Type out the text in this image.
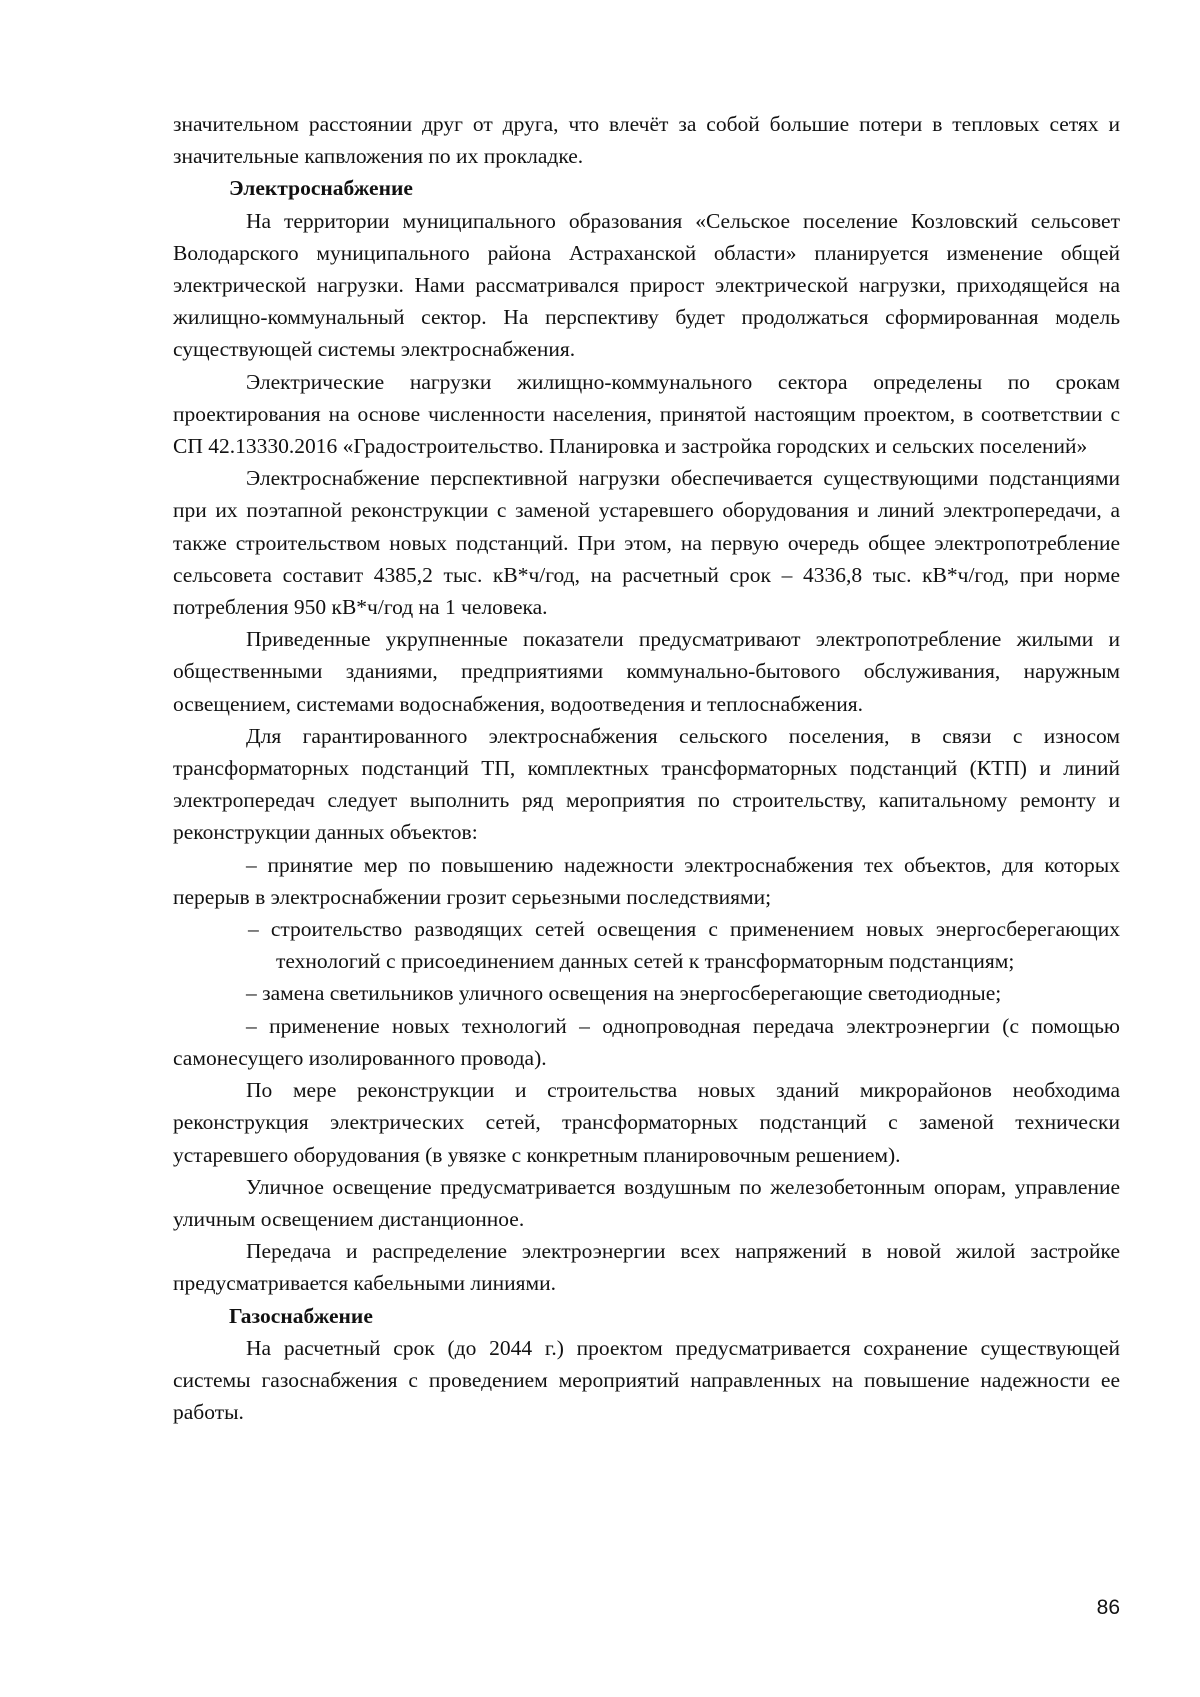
значительном расстоянии друг от друга, что влечёт за собой большие потери в тепловых сетях и значительные капвложения по их прокладке.

Электроснабжение

На территории муниципального образования «Сельское поселение Козловский сельсовет Володарского муниципального района Астраханской области» планируется изменение общей электрической нагрузки. Нами рассматривался прирост электрической нагрузки, приходящейся на жилищно-коммунальный сектор. На перспективу будет продолжаться сформированная модель существующей системы электроснабжения.

Электрические нагрузки жилищно-коммунального сектора определены по срокам проектирования на основе численности населения, принятой настоящим проектом, в соответствии с СП 42.13330.2016 «Градостроительство. Планировка и застройка городских и сельских поселений»

Электроснабжение перспективной нагрузки обеспечивается существующими подстанциями при их поэтапной реконструкции с заменой устаревшего оборудования и линий электропередачи, а также строительством новых подстанций. При этом, на первую очередь общее электропотребление сельсовета составит 4385,2 тыс. кВ*ч/год, на расчетный срок – 4336,8 тыс. кВ*ч/год, при норме потребления 950 кВ*ч/год на 1 человека.

Приведенные укрупненные показатели предусматривают электропотребление жилыми и общественными зданиями, предприятиями коммунально-бытового обслуживания, наружным освещением, системами водоснабжения, водоотведения и теплоснабжения.

Для гарантированного электроснабжения сельского поселения, в связи с износом трансформаторных подстанций ТП, комплектных трансформаторных подстанций (КТП) и линий электропередач следует выполнить ряд мероприятия по строительству, капитальному ремонту и реконструкции данных объектов:

– принятие мер по повышению надежности электроснабжения тех объектов, для которых перерыв в электроснабжении грозит серьезными последствиями;

– строительство разводящих сетей освещения с применением новых энергосберегающих технологий с присоединением данных сетей к трансформаторным подстанциям;

– замена светильников уличного освещения на энергосберегающие светодиодные;

– применение новых технологий – однопроводная передача электроэнергии (с помощью самонесущего изолированного провода).

По мере реконструкции и строительства новых зданий микрорайонов необходима реконструкция электрических сетей, трансформаторных подстанций с заменой технически устаревшего оборудования (в увязке с конкретным планировочным решением).

Уличное освещение предусматривается воздушным по железобетонным опорам, управление уличным освещением дистанционное.

Передача и распределение электроэнергии всех напряжений в новой жилой застройке предусматривается кабельными линиями.

Газоснабжение

На расчетный срок (до 2044 г.) проектом предусматривается сохранение существующей системы газоснабжения с проведением мероприятий направленных на повышение надежности ее работы.

86
